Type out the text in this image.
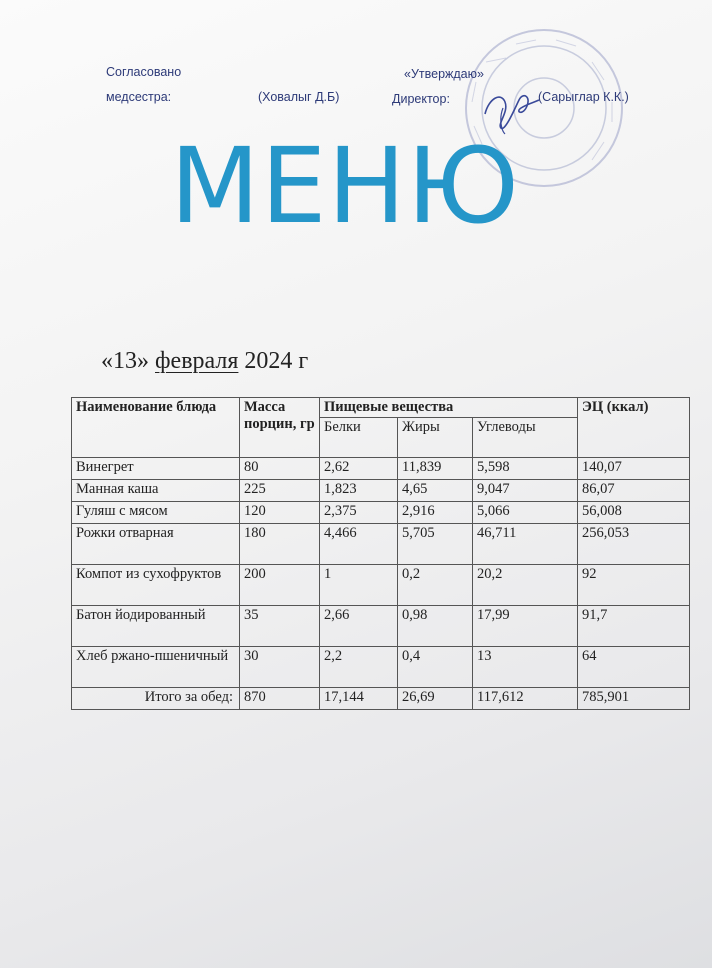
Согласовано
медсестра:	(Ховалыг Д.Б)
«Утверждаю»
Директор:	(Сарыглар К.К.)
МЕНЮ
«13» февраля 2024 г
Наименование блюда	Масса порцин, гр	Пищевые вещества			ЭЦ (ккал)
		Белки	Жиры	Углеводы	
Винегрет	80	2,62	11,839	5,598	140,07
Манная каша	225	1,823	4,65	9,047	86,07
Гуляш с мясом	120	2,375	2,916	5,066	56,008
Рожки отварная	180	4,466	5,705	46,711	256,053
Компот из сухофруктов	200	1	0,2	20,2	92
Батон йодированный	35	2,66	0,98	17,99	91,7
Хлеб ржано-пшеничный	30	2,2	0,4	13	64
Итого за обед:	870	17,144	26,69	117,612	785,901
